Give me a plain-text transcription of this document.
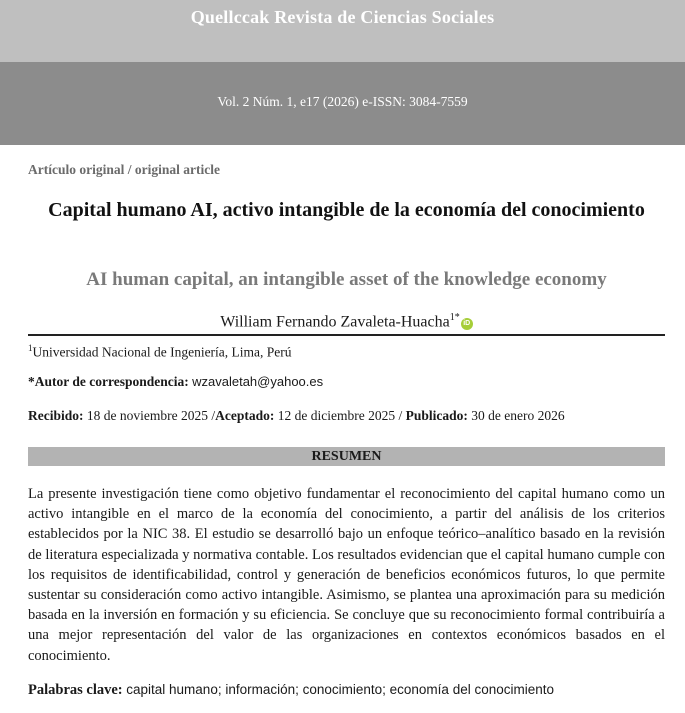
Quellccak Revista de Ciencias Sociales
Vol. 2 Núm. 1, e17 (2026) e-ISSN: 3084-7559
Artículo original / original article
Capital humano AI, activo intangible de la economía del conocimiento
AI human capital, an intangible asset of the knowledge economy
William Fernando Zavaleta-Huacha$^{1*}$iD
$^1$Universidad Nacional de Ingeniería, Lima, Perú
*Autor de correspondencia: wzavaletah@yahoo.es
Recibido: 18 de noviembre 2025 /Aceptado: 12 de diciembre 2025 / Publicado: 30 de enero 2026
RESUMEN

La presente investigación tiene como objetivo fundamentar el reconocimiento del capital humano como un activo intangible en el marco de la economía del conocimiento, a partir del análisis de los criterios establecidos por la NIC 38. El estudio se desarrolló bajo un enfoque teórico–analítico basado en la revisión de literatura especializada y normativa contable. Los resultados evidencian que el capital humano cumple con los requisitos de identificabilidad, control y generación de beneficios económicos futuros, lo que permite sustentar su consideración como activo intangible. Asimismo, se plantea una aproximación para su medición basada en la inversión en formación y su eficiencia. Se concluye que su reconocimiento formal contribuiría a una mejor representación del valor de las organizaciones en contextos económicos basados en el conocimiento.

Palabras clave: capital humano; información; conocimiento; economía del conocimiento
